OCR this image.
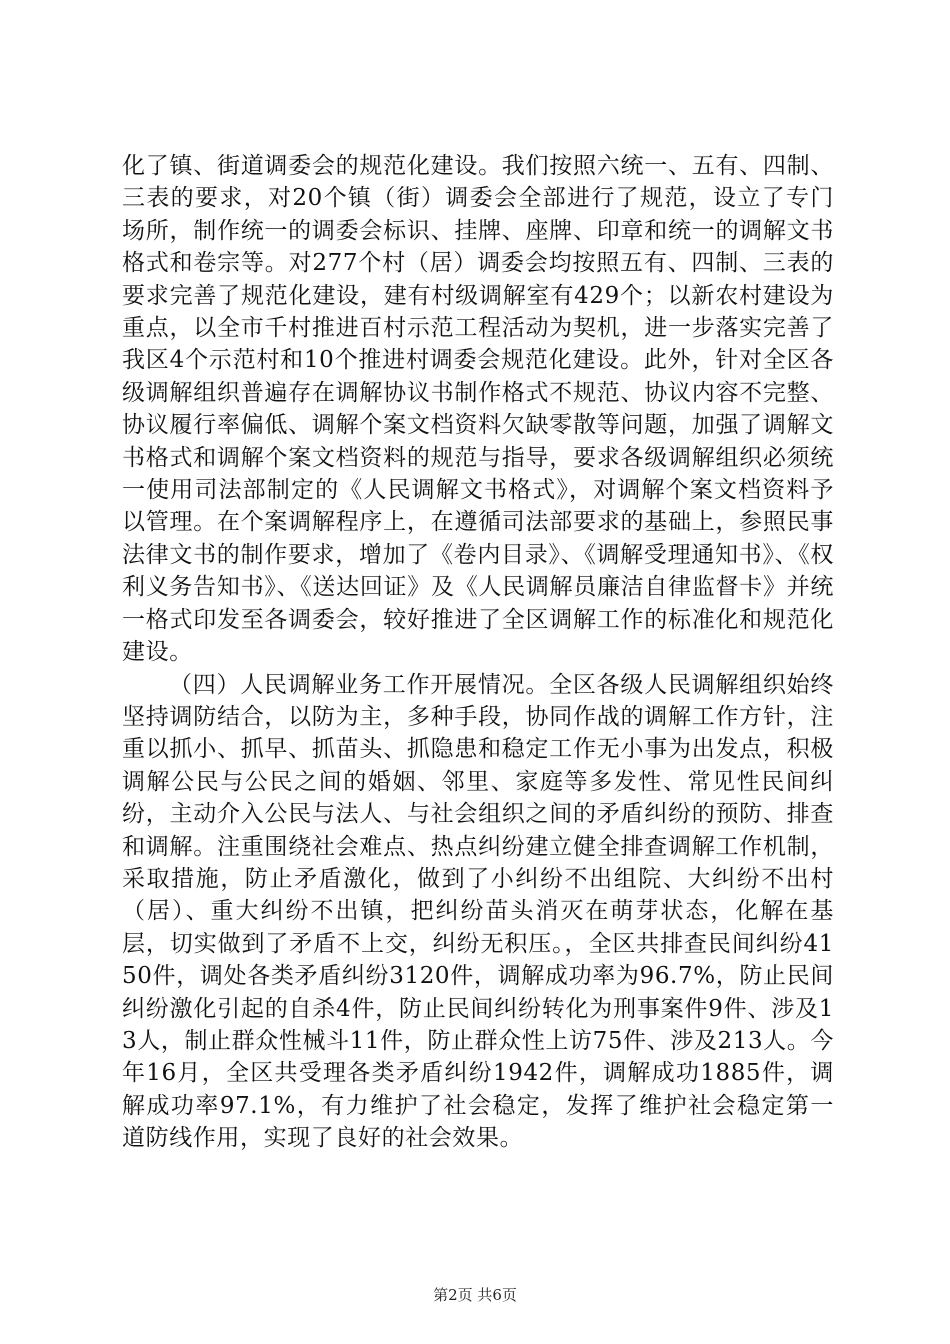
化了镇、街道调委会的规范化建设。我们按照六统一、五有、四制、三表的要求，对20个镇（街）调委会全部进行了规范，设立了专门场所，制作统一的调委会标识、挂牌、座牌、印章和统一的调解文书格式和卷宗等。对277个村（居）调委会均按照五有、四制、三表的要求完善了规范化建设，建有村级调解室有429个；以新农村建设为重点，以全市千村推进百村示范工程活动为契机，进一步落实完善了我区4个示范村和10个推进村调委会规范化建设。此外，针对全区各级调解组织普遍存在调解协议书制作格式不规范、协议内容不完整、协议履行率偏低、调解个案文档资料欠缺零散等问题，加强了调解文书格式和调解个案文档资料的规范与指导，要求各级调解组织必须统一使用司法部制定的《人民调解文书格式》，对调解个案文档资料予以管理。在个案调解程序上，在遵循司法部要求的基础上，参照民事法律文书的制作要求，增加了《卷内目录》、《调解受理通知书》、《权利义务告知书》、《送达回证》及《人民调解员廉洁自律监督卡》并统一格式印发至各调委会，较好推进了全区调解工作的标准化和规范化建设。

（四）人民调解业务工作开展情况。全区各级人民调解组织始终坚持调防结合，以防为主，多种手段，协同作战的调解工作方针，注重以抓小、抓早、抓苗头、抓隐患和稳定工作无小事为出发点，积极调解公民与公民之间的婚姻、邻里、家庭等多发性、常见性民间纠纷，主动介入公民与法人、与社会组织之间的矛盾纠纷的预防、排查和调解。注重围绕社会难点、热点纠纷建立健全排查调解工作机制，采取措施，防止矛盾激化，做到了小纠纷不出组院、大纠纷不出村（居）、重大纠纷不出镇，把纠纷苗头消灭在萌芽状态，化解在基层，切实做到了矛盾不上交，纠纷无积压。，全区共排查民间纠纷4150件，调处各类矛盾纠纷3120件，调解成功率为96.7%，防止民间纠纷激化引起的自杀4件，防止民间纠纷转化为刑事案件9件、涉及13人，制止群众性械斗11件，防止群众性上访75件、涉及213人。今年16月，全区共受理各类矛盾纠纷1942件，调解成功1885件，调解成功率97.1%，有力维护了社会稳定，发挥了维护社会稳定第一道防线作用，实现了良好的社会效果。

第2页 共6页
